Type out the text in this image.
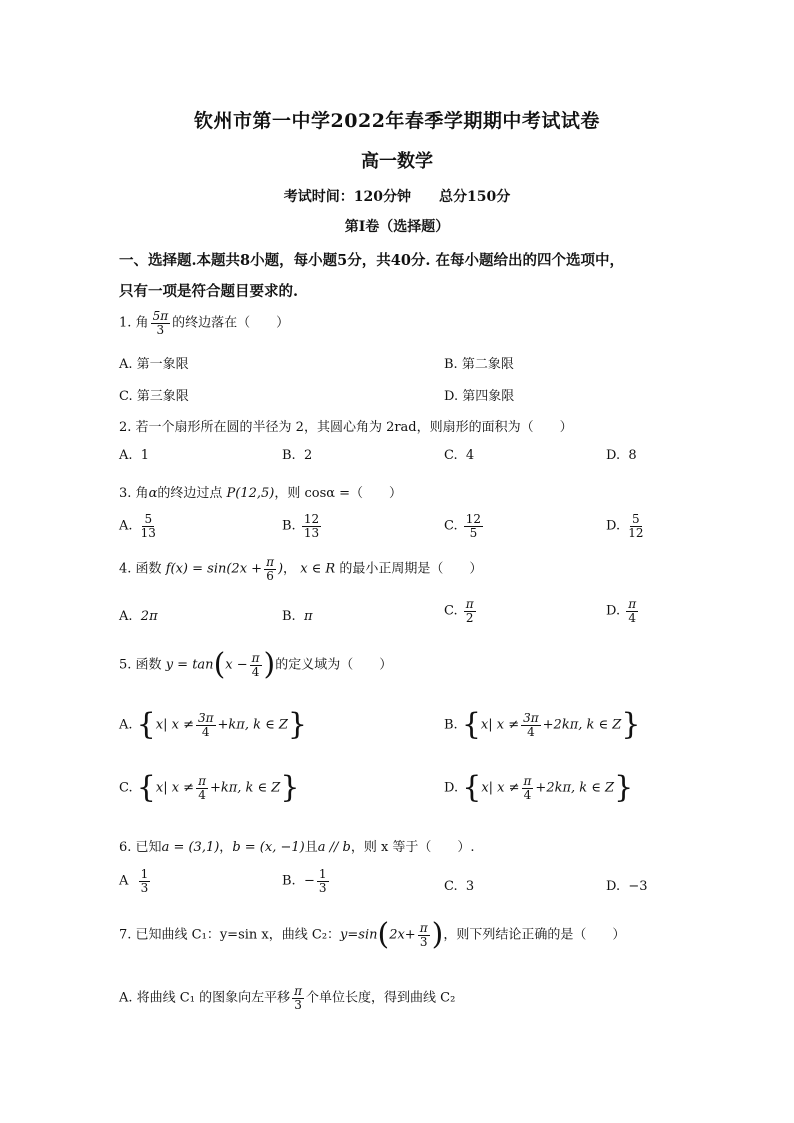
钦州市第一中学2022年春季学期期中考试试卷
高一数学
考试时间：120分钟　　总分150分
第Ⅰ卷（选择题）
一、选择题.本题共8小题，每小题5分，共40分. 在每小题给出的四个选项中，
只有一项是符合题目要求的.
1. 角 $\frac{5\pi}{3}$ 的终边落在（　　）
A. 第一象限	B. 第二象限
C. 第三象限	D. 第四象限
2. 若一个扇形所在圆的半径为 2，其圆心角为 2rad，则扇形的面积为（　　）
A. 1	B. 2	C. 4	D. 8
3. 角α的终边过点 P(12,5)，则 cosα =（　　）
A. $\frac{5}{13}$	B. $\frac{12}{13}$	C. $\frac{12}{5}$	D. $\frac{5}{12}$
4. 函数 $f(x) = \sin(2x + \frac{\pi}{6}$ )， x ∈ R 的最小正周期是（　　）
A. 2π	B. π	C. $\frac{\pi}{2}$	D. $\frac{\pi}{4}$
5. 函数 $y = \tan(x - \frac{\pi}{4}$ )的定义域为（　　）
A. {x| $x \ne \frac{3\pi}{4} +k\pi$, k ∈ Z}	B. {x| $x \ne \frac{3\pi}{4} +2k\pi$, k ∈ Z}
C. {x| $x \ne \frac{\pi}{4} +k\pi$, k ∈ Z}	D. {x| $x \ne \frac{\pi}{4} +2k\pi$, k ∈ Z}
6. 已知a = (3,1)，b = (x, −1)且a // b，则 x 等于（　　）.
A $\frac{1}{3}$	B. − $\frac{1}{3}$	C. 3	D. −3
7. 已知曲线 C₁：y=sin x，曲线 C₂：$y=\sin(2x+ \frac{\pi}{3}$ )，则下列结论正确的是（　　）
A. 将曲线 C₁ 的图象向左平移 $\frac{\pi}{3}$ 个单位长度，得到曲线 C₂
